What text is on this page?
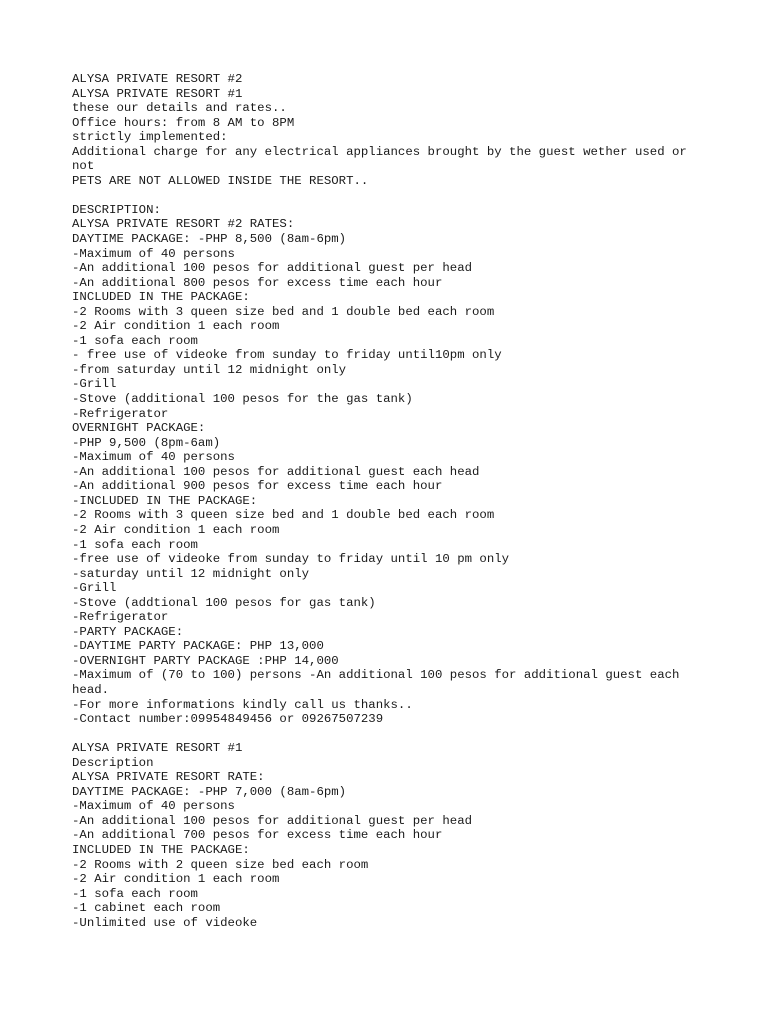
ALYSA PRIVATE RESORT #2
ALYSA PRIVATE RESORT #1
these our details and rates..
Office hours: from 8 AM to 8PM
strictly implemented:
Additional charge for any electrical appliances brought by the guest wether used or not
PETS ARE NOT ALLOWED INSIDE THE RESORT..
DESCRIPTION:
ALYSA PRIVATE RESORT #2 RATES:
DAYTIME PACKAGE: -PHP 8,500 (8am-6pm)
-Maximum of 40 persons
-An additional 100 pesos for additional guest per head
-An additional 800 pesos for excess time each hour
INCLUDED IN THE PACKAGE:
-2 Rooms with 3 queen size bed and 1 double bed each room
-2 Air condition 1 each room
-1 sofa each room
- free use of videoke from sunday to friday until10pm only
-from saturday until 12 midnight only
-Grill
-Stove (additional 100 pesos for the gas tank)
-Refrigerator
OVERNIGHT PACKAGE:
-PHP 9,500 (8pm-6am)
-Maximum of 40 persons
-An additional 100 pesos for additional guest each head
-An additional 900 pesos for excess time each hour
-INCLUDED IN THE PACKAGE:
-2 Rooms with 3 queen size bed and 1 double bed each room
-2 Air condition 1 each room
-1 sofa each room
-free use of videoke from sunday to friday until 10 pm only
-saturday until 12 midnight only
-Grill
-Stove (addtional 100 pesos for gas tank)
-Refrigerator
-PARTY PACKAGE:
-DAYTIME PARTY PACKAGE: PHP 13,000
-OVERNIGHT PARTY PACKAGE :PHP 14,000
-Maximum of (70 to 100) persons -An additional 100 pesos for additional guest each head.
-For more informations kindly call us thanks..
-Contact number:09954849456 or 09267507239
ALYSA PRIVATE RESORT #1
Description
ALYSA PRIVATE RESORT RATE:
DAYTIME PACKAGE: -PHP 7,000 (8am-6pm)
-Maximum of 40 persons
-An additional 100 pesos for additional guest per head
-An additional 700 pesos for excess time each hour
INCLUDED IN THE PACKAGE:
-2 Rooms with 2 queen size bed each room
-2 Air condition 1 each room
-1 sofa each room
-1 cabinet each room
-Unlimited use of videoke
